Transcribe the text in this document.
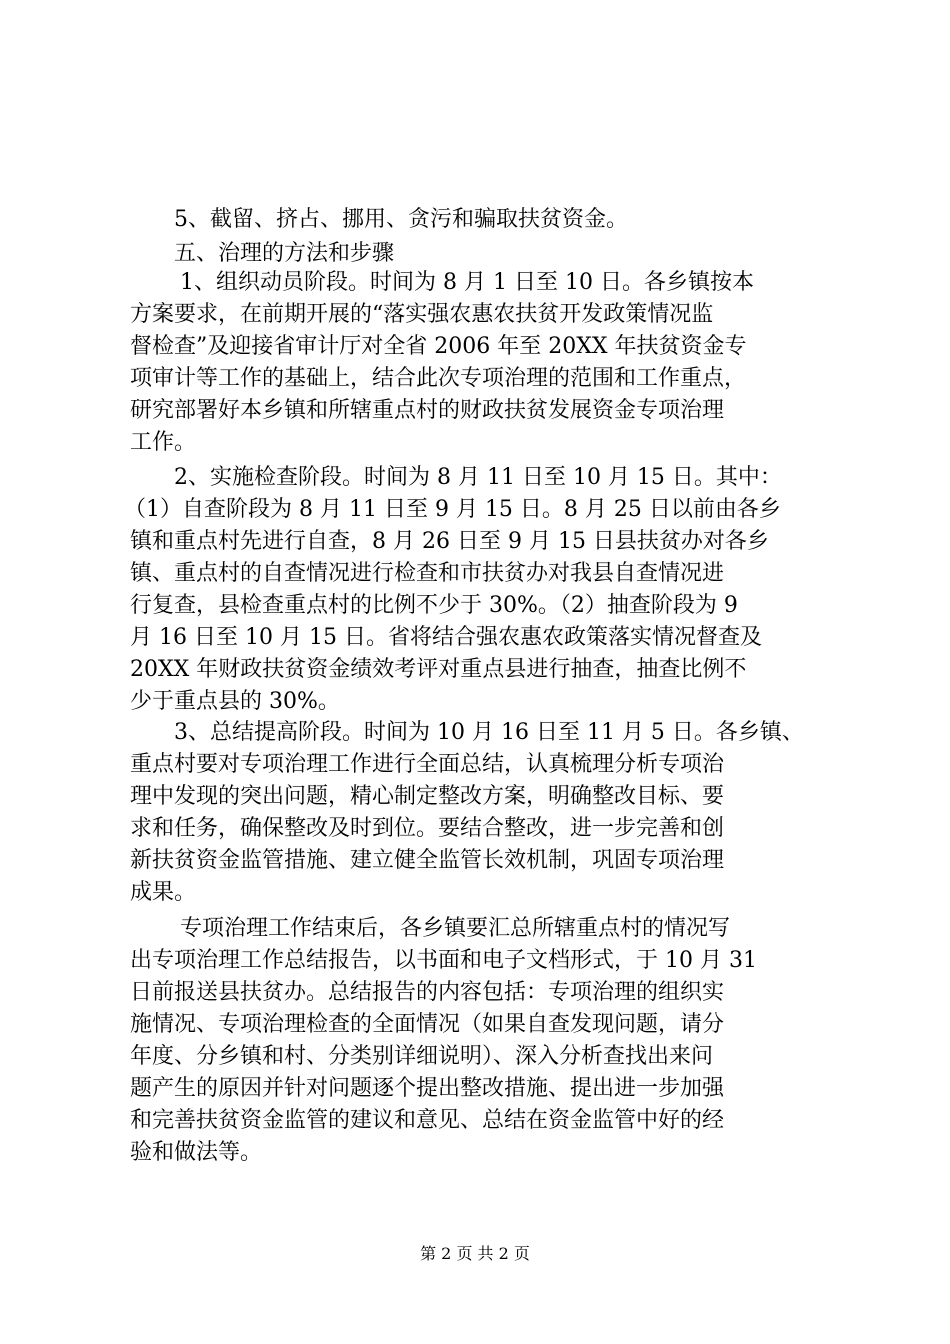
5、截留、挤占、挪用、贪污和骗取扶贫资金。
五、治理的方法和步骤
1、组织动员阶段。时间为 8 月 1 日至 10 日。各乡镇按本
方案要求，在前期开展的“落实强农惠农扶贫开发政策情况监
督检查”及迎接省审计厅对全省 2006 年至 20XX 年扶贫资金专
项审计等工作的基础上，结合此次专项治理的范围和工作重点，
研究部署好本乡镇和所辖重点村的财政扶贫发展资金专项治理
工作。
2、实施检查阶段。时间为 8 月 11 日至 10 月 15 日。其中：
（1）自查阶段为 8 月 11 日至 9 月 15 日。8 月 25 日以前由各乡
镇和重点村先进行自查，8 月 26 日至 9 月 15 日县扶贫办对各乡
镇、重点村的自查情况进行检查和市扶贫办对我县自查情况进
行复查，县检查重点村的比例不少于 30%。（2）抽查阶段为 9
月 16 日至 10 月 15 日。省将结合强农惠农政策落实情况督查及
20XX 年财政扶贫资金绩效考评对重点县进行抽查，抽查比例不
少于重点县的 30%。
3、总结提高阶段。时间为 10 月 16 日至 11 月 5 日。各乡镇、
重点村要对专项治理工作进行全面总结，认真梳理分析专项治
理中发现的突出问题，精心制定整改方案，明确整改目标、要
求和任务，确保整改及时到位。要结合整改，进一步完善和创
新扶贫资金监管措施、建立健全监管长效机制，巩固专项治理
成果。
专项治理工作结束后，各乡镇要汇总所辖重点村的情况写
出专项治理工作总结报告，以书面和电子文档形式，于 10 月 31
日前报送县扶贫办。总结报告的内容包括：专项治理的组织实
施情况、专项治理检查的全面情况（如果自查发现问题，请分
年度、分乡镇和村、分类别详细说明）、深入分析查找出来问
题产生的原因并针对问题逐个提出整改措施、提出进一步加强
和完善扶贫资金监管的建议和意见、总结在资金监管中好的经
验和做法等。
第 2 页 共 2 页
